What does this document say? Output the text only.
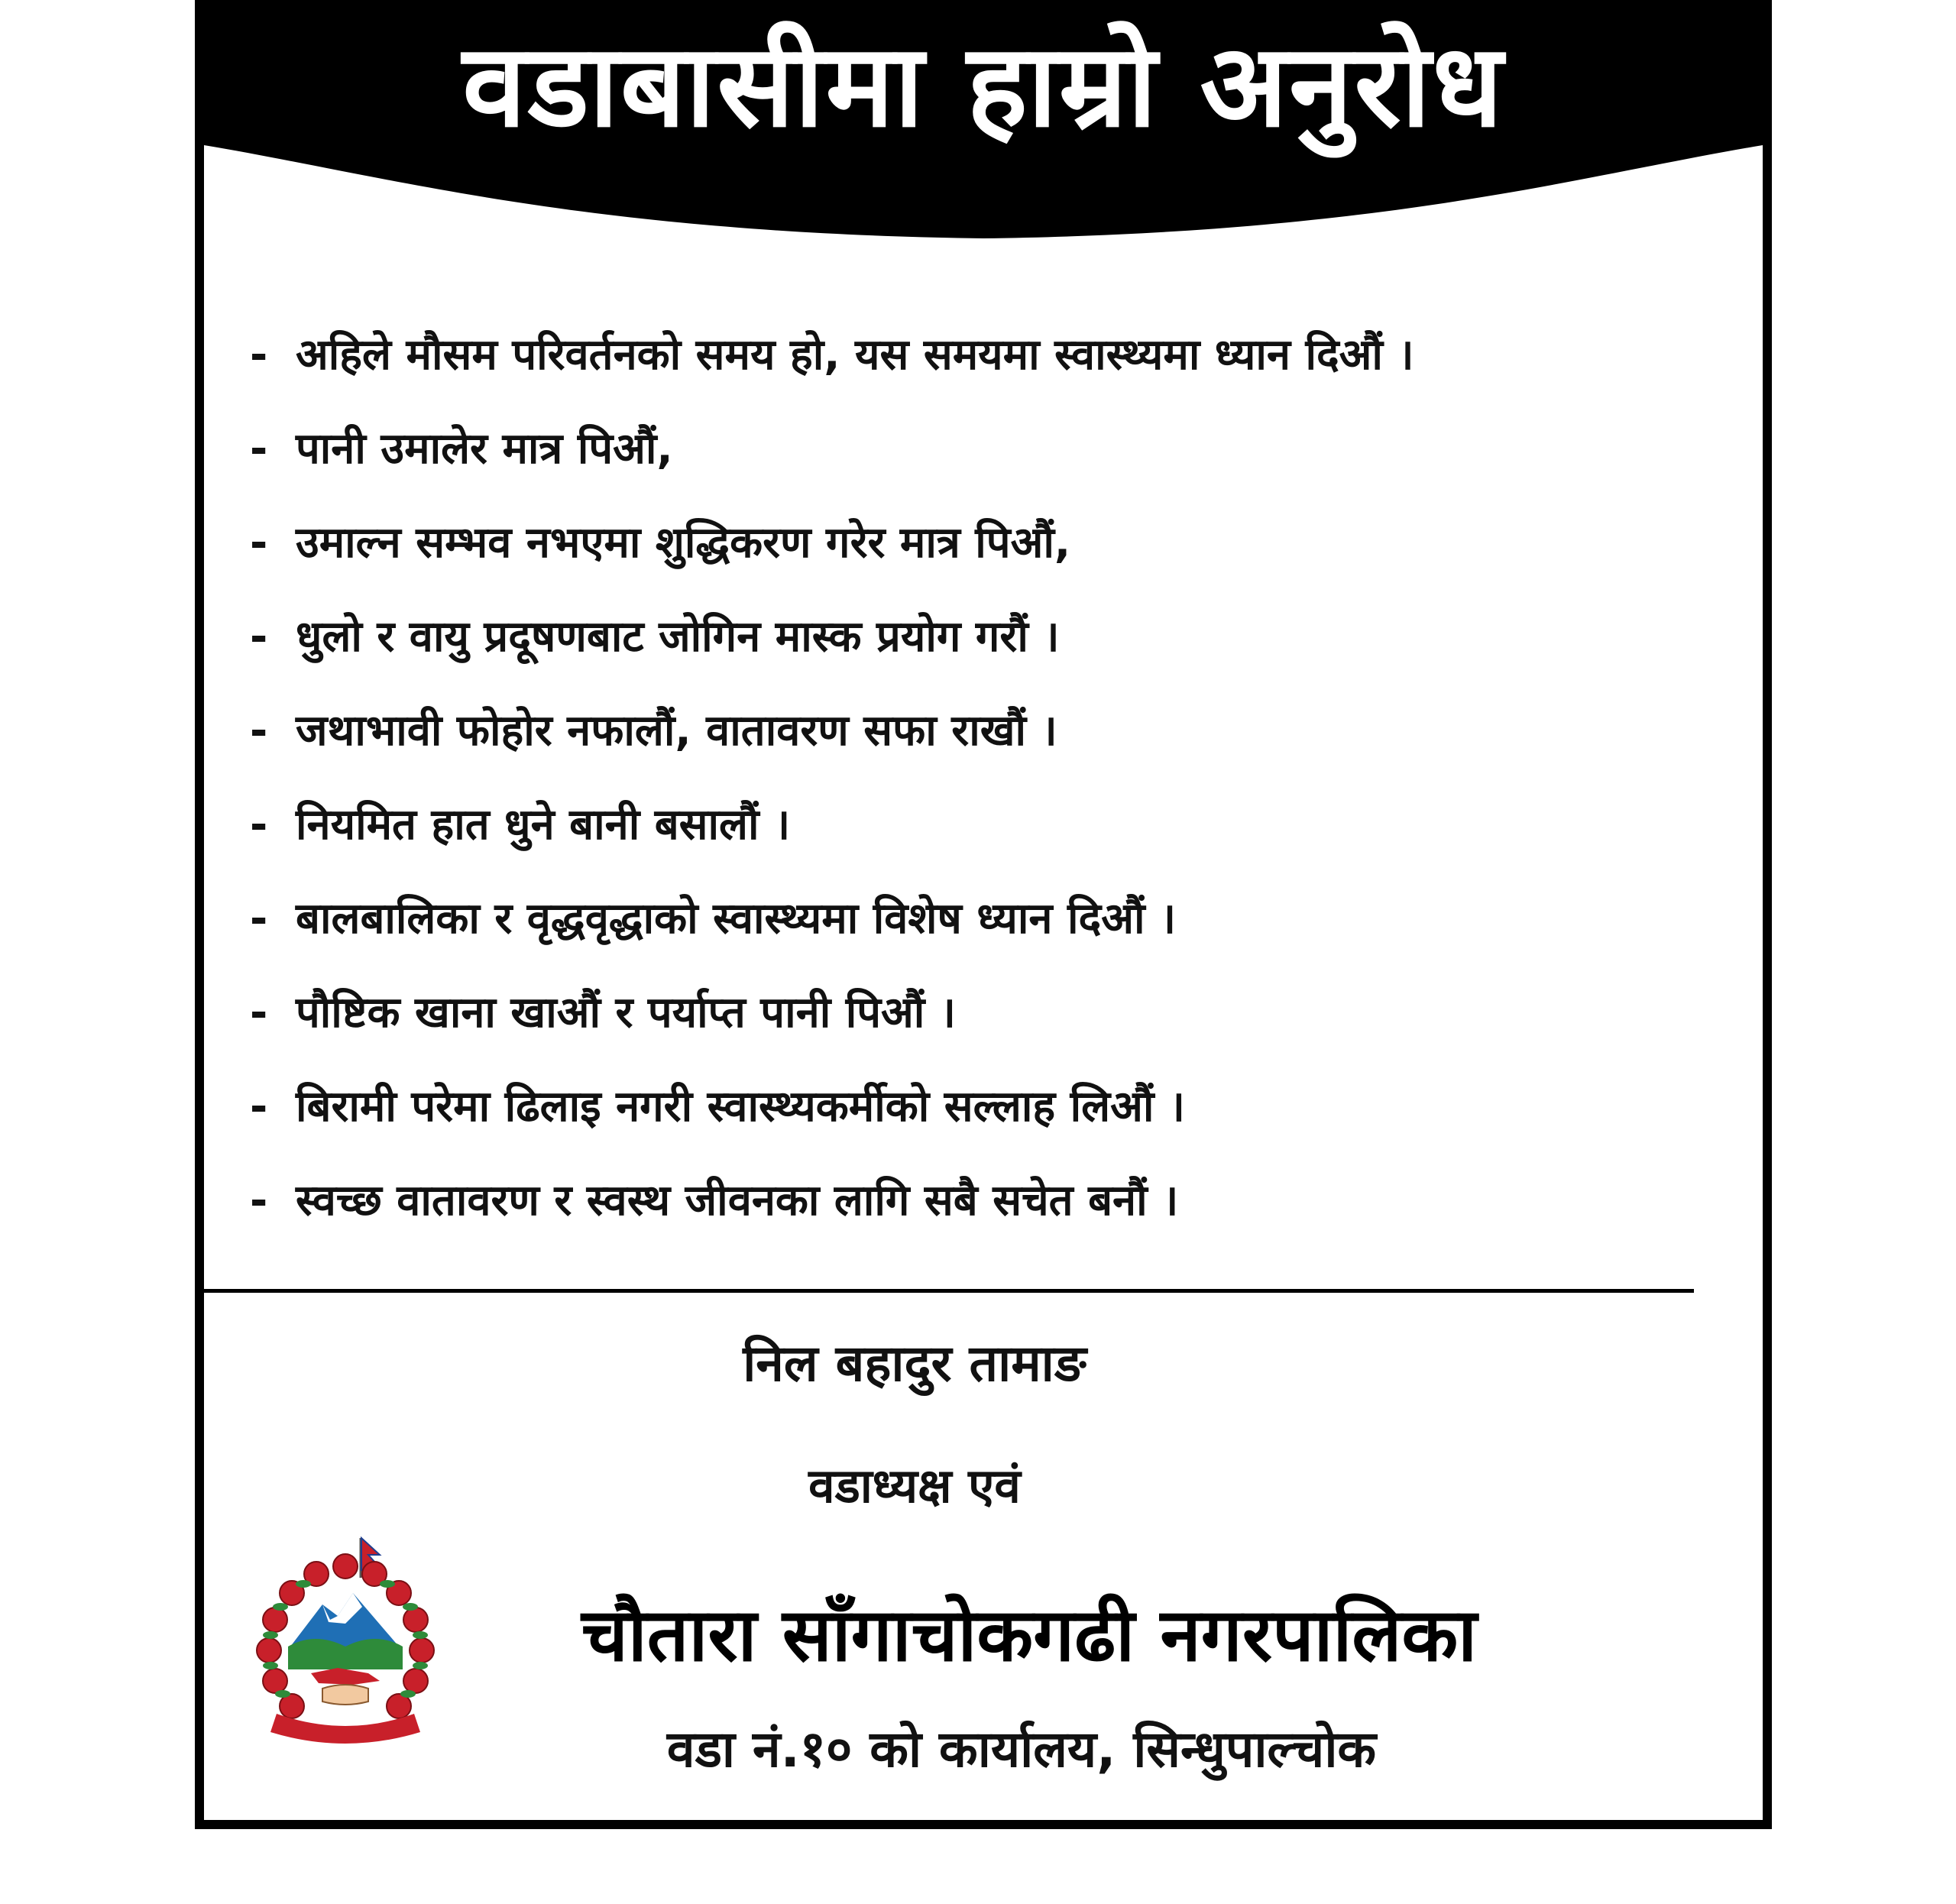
वडाबासीमा हाम्रो अनुरोध
- अहिले मौसम परिवर्तनको समय हो, यस समयमा स्वास्थ्यमा ध्यान दिऔं ।
- पानी उमालेर मात्र पिऔं,
- उमाल्न सम्भव नभएमा शुद्धिकरण गरेर मात्र पिऔं,
- धुलो र वायु प्रदूषणबाट जोगिन मास्क प्रयोग गरौं ।
- जथाभावी फोहोर नफालौं, वातावरण सफा राखौं ।
- नियमित हात धुने बानी बसालौं ।
- बालबालिका र वृद्धवृद्धाको स्वास्थ्यमा विशेष ध्यान दिऔं ।
- पौष्टिक खाना खाऔं र पर्याप्त पानी पिऔं ।
- बिरामी परेमा ढिलाइ नगरी स्वास्थ्यकर्मीको सल्लाह लिऔं ।
- स्वच्छ वातावरण र स्वस्थ जीवनका लागि सबै सचेत बनौं ।
निल बहादुर तामाङ
वडाध्यक्ष एवं
चौतारा साँगाचोकगढी नगरपालिका
वडा नं.१० को कार्यालय, सिन्धुपाल्चोक
